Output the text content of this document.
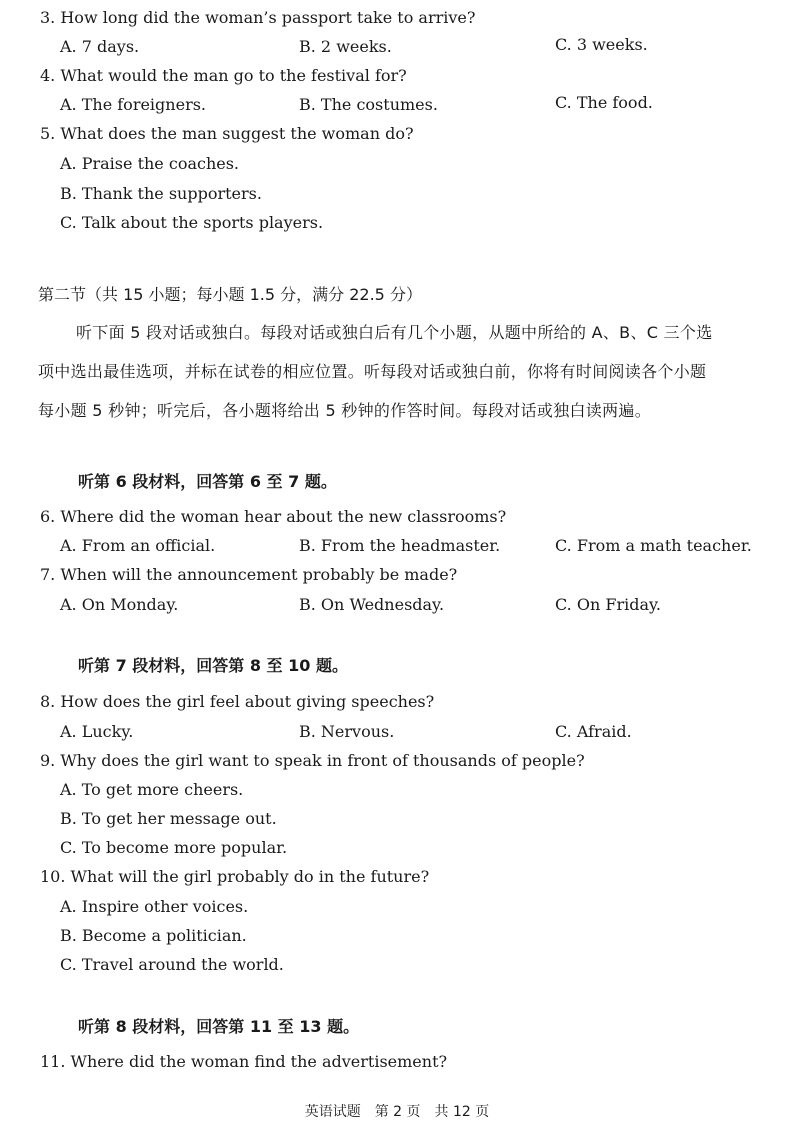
3. How long did the woman’s passport take to arrive?
A. 7 days.	B. 2 weeks.	C. 3 weeks.
4. What would the man go to the festival for?
A. The foreigners.	B. The costumes.	C. The food.
5. What does the man suggest the woman do?
A. Praise the coaches.
B. Thank the supporters.
C. Talk about the sports players.
第二节（共 15 小题；每小题 1.5 分，满分 22.5 分）
听下面 5 段对话或独白。每段对话或独白后有几个小题，从题中所给的 A、B、C 三个选
项中选出最佳选项，并标在试卷的相应位置。听每段对话或独白前，你将有时间阅读各个小题
每小题 5 秒钟；听完后，各小题将给出 5 秒钟的作答时间。每段对话或独白读两遍。
听第 6 段材料，回答第 6 至 7 题。
6. Where did the woman hear about the new classrooms?
A. From an official.	B. From the headmaster.	C. From a math teacher.
7. When will the announcement probably be made?
A. On Monday.	B. On Wednesday.	C. On Friday.
听第 7 段材料，回答第 8 至 10 题。
8. How does the girl feel about giving speeches?
A. Lucky.	B. Nervous.	C. Afraid.
9. Why does the girl want to speak in front of thousands of people?
A. To get more cheers.
B. To get her message out.
C. To become more popular.
10. What will the girl probably do in the future?
A. Inspire other voices.
B. Become a politician.
C. Travel around the world.
听第 8 段材料，回答第 11 至 13 题。
11. Where did the woman find the advertisement?
英语试题　第 2 页　共 12 页
